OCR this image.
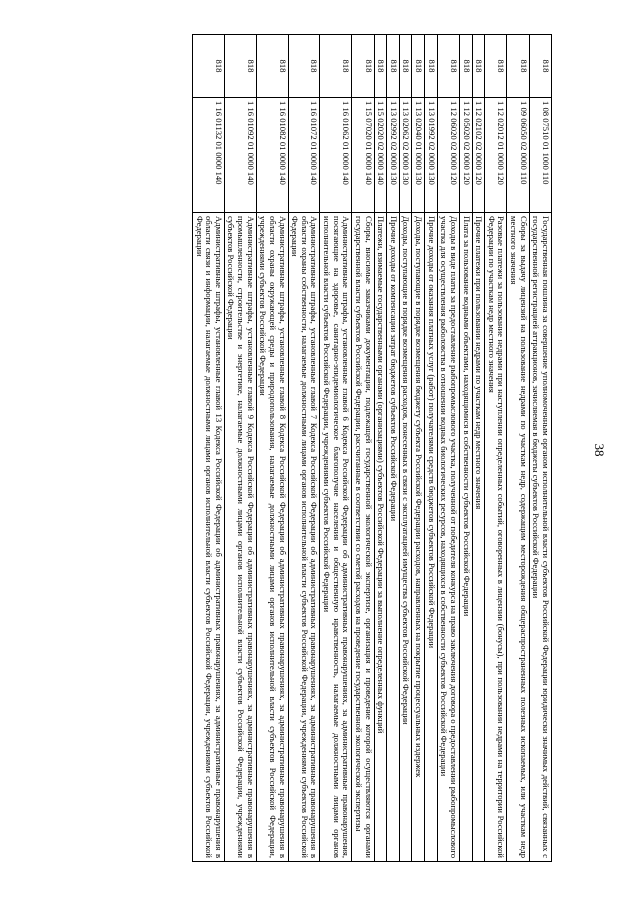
38
818	1 08 07510 01 1000 110	Государственная пошлина за совершение уполномоченным органом исполнительной власти субъектов Российской Федерации юридически значимых действий, связанных с государственной регистрацией аттракционов, зачисляемая в бюджеты субъектов Российской Федерации
818	1 09 06050 02 0000 110	Сборы за выдачу лицензий на пользование недрами по участкам недр, содержащим месторождения общераспространенных полезных ископаемых, или участкам недр местного значения
818	1 12 02012 01 0000 120	Разовые платежи за пользование недрами при наступлении определенных событий, оговоренных в лицензии (бонусы), при пользовании недрами на территории Российской Федерации по участкам недр местного значения
818	1 12 02102 02 0000 120	Прочие платежи при пользовании недрами по участкам недр местного значения
818	1 12 05020 02 0000 120	Плата за пользование водными объектами, находящимися в собственности субъектов Российской Федерации
818	1 12 06020 02 0000 120	Доходы в виде платы за предоставление рыбопромыслового участка, полученной от победителя конкурса на право заключения договора о предоставлении рыбопромыслового участка для осуществления рыболовства в отношении водных биологических ресурсов, находящихся в собственности субъектов Российской Федерации
818	1 13 01992 02 0000 130	Прочие доходы от оказания платных услуг (работ) получателями средств бюджетов субъектов Российской Федерации
818	1 13 02040 01 0000 130	Доходы, поступающие в порядке возмещения бюджету субъекта Российской Федерации расходов, направленных на покрытие процессуальных издержек
818	1 13 02062 02 0000 130	Доходы, поступающие в порядке возмещения расходов, понесенных в связи с эксплуатацией имущества субъектов Российской Федерации
818	1 13 02992 02 0000 130	Прочие доходы от компенсации затрат бюджетов субъектов Российской Федерации
818	1 15 02020 02 0000 140	Платежи, взимаемые государственными органами (организациями) субъектов Российской Федерации за выполнение определенных функций
818	1 15 07020 01 0000 140	Сборы, вносимые заказчиками документации, подлежащей государственной экологической экспертизе, организация и проведение которой осуществляются органами государственной власти субъектов Российской Федерации, рассчитанные в соответствии со сметой расходов на проведение государственной экологической экспертизы
818	1 16 01062 01 0000 140	Административные штрафы, установленные главой 6 Кодекса Российской Федерации об административных правонарушениях, за административные правонарушения, посягающие на здоровье, санитарно-эпидемиологическое благополучие населения и общественную нравственность, налагаемые должностными лицами органов исполнительной власти субъектов Российской Федерации, учреждениями субъектов Российской Федерации
818	1 16 01072 01 0000 140	Административные штрафы, установленные главой 7 Кодекса Российской Федерации об административных правонарушениях, за административные правонарушения в области охраны собственности, налагаемые должностными лицами органов исполнительной власти субъектов Российской Федерации, учреждениями субъектов Российской Федерации
818	1 16 01082 01 0000 140	Административные штрафы, установленные главой 8 Кодекса Российской Федерации об административных правонарушениях, за административные правонарушения в области охраны окружающей среды и природопользования, налагаемые должностными лицами органов исполнительной власти субъектов Российской Федерации, учреждениями субъектов Российской Федерации
818	1 16 01092 01 0000 140	Административные штрафы, установленные главой 9 Кодекса Российской Федерации об административных правонарушениях, за административные правонарушения в промышленности, строительстве и энергетике, налагаемые должностными лицами органов исполнительной власти субъектов Российской Федерации, учреждениями субъектов Российской Федерации
818	1 16 01132 01 0000 140	Административные штрафы, установленные главой 13 Кодекса Российской Федерации об административных правонарушениях, за административные правонарушения в области связи и информации, налагаемые должностными лицами органов исполнительной власти субъектов Российской Федерации, учреждениями субъектов Российской Федерации
